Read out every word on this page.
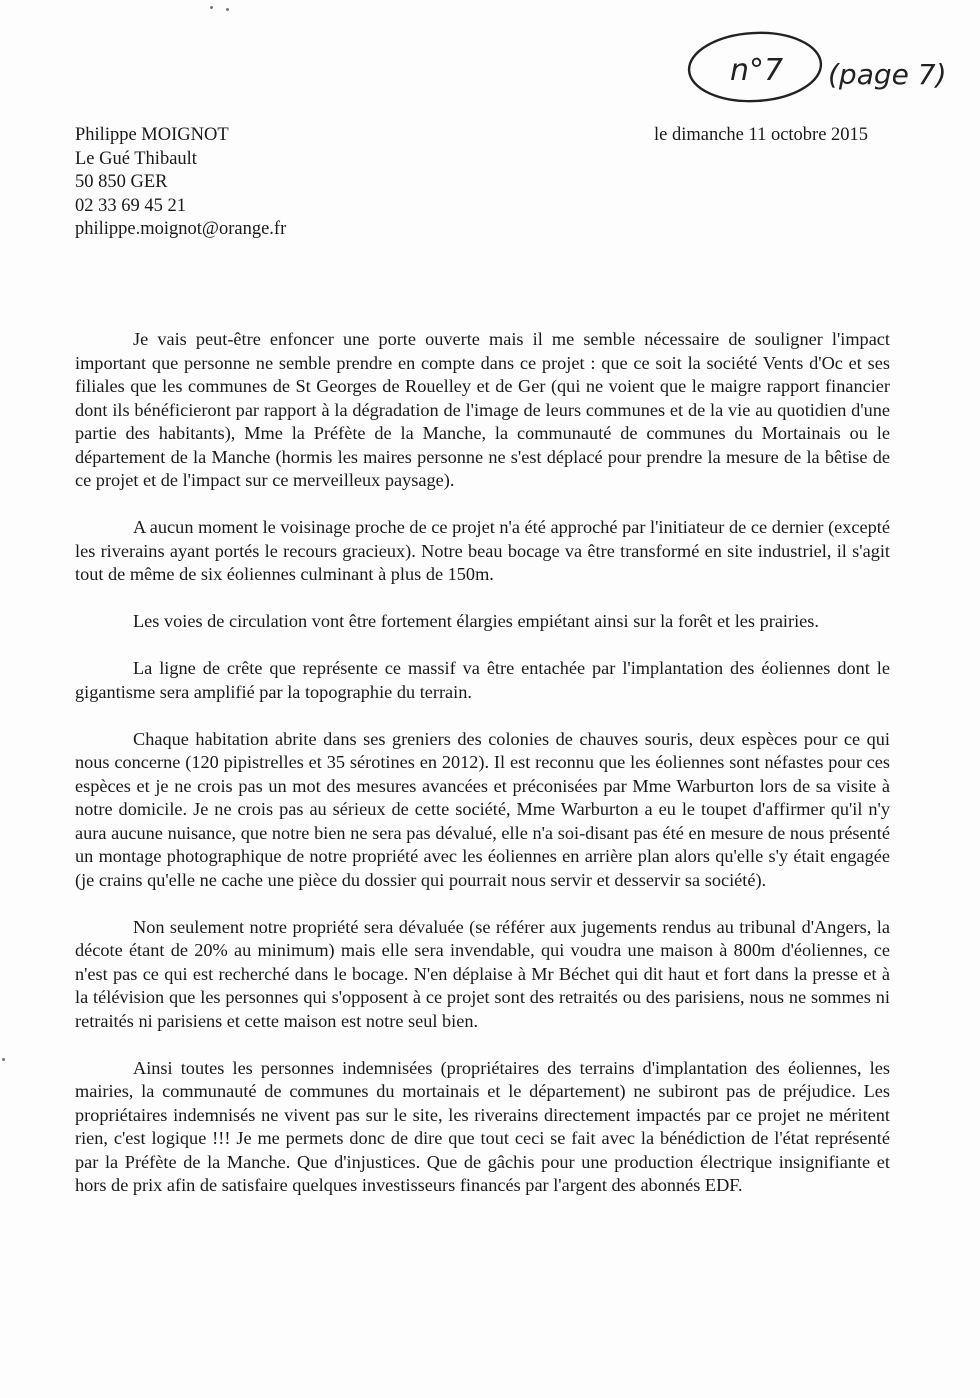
n°7 (page 7)
Philippe MOIGNOT
Le Gué Thibault
50 850 GER
02 33 69 45 21
philippe.moignot@orange.fr
le dimanche 11 octobre 2015

Je vais peut-être enfoncer une porte ouverte mais il me semble nécessaire de souligner l'impact important que personne ne semble prendre en compte dans ce projet : que ce soit la société Vents d'Oc et ses filiales que les communes de St Georges de Rouelley et de Ger (qui ne voient que le maigre rapport financier dont ils bénéficieront par rapport à la dégradation de l'image de leurs communes et de la vie au quotidien d'une partie des habitants), Mme la Préfète de la Manche, la communauté de communes du Mortainais ou le département de la Manche (hormis les maires personne ne s'est déplacé pour prendre la mesure de la bêtise de ce projet et de l'impact sur ce merveilleux paysage).

A aucun moment le voisinage proche de ce projet n'a été approché par l'initiateur de ce dernier (excepté les riverains ayant portés le recours gracieux). Notre beau bocage va être transformé en site industriel, il s'agit tout de même de six éoliennes culminant à plus de 150m.

Les voies de circulation vont être fortement élargies empiétant ainsi sur la forêt et les prairies.

La ligne de crête que représente ce massif va être entachée par l'implantation des éoliennes dont le gigantisme sera amplifié par la topographie du terrain.

Chaque habitation abrite dans ses greniers des colonies de chauves souris, deux espèces pour ce qui nous concerne (120 pipistrelles et 35 sérotines en 2012). Il est reconnu que les éoliennes sont néfastes pour ces espèces et je ne crois pas un mot des mesures avancées et préconisées par Mme Warburton lors de sa visite à notre domicile. Je ne crois pas au sérieux de cette société, Mme Warburton a eu le toupet d'affirmer qu'il n'y aura aucune nuisance, que notre bien ne sera pas dévalué, elle n'a soi-disant pas été en mesure de nous présenté un montage photographique de notre propriété avec les éoliennes en arrière plan alors qu'elle s'y était engagée (je crains qu'elle ne cache une pièce du dossier qui pourrait nous servir et desservir sa société).

Non seulement notre propriété sera dévaluée (se référer aux jugements rendus au tribunal d'Angers, la décote étant de 20% au minimum) mais elle sera invendable, qui voudra une maison à 800m d'éoliennes, ce n'est pas ce qui est recherché dans le bocage. N'en déplaise à Mr Béchet qui dit haut et fort dans la presse et à la télévision que les personnes qui s'opposent à ce projet sont des retraités ou des parisiens, nous ne sommes ni retraités ni parisiens et cette maison est notre seul bien.

Ainsi toutes les personnes indemnisées (propriétaires des terrains d'implantation des éoliennes, les mairies, la communauté de communes du mortainais et le département) ne subiront pas de préjudice. Les propriétaires indemnisés ne vivent pas sur le site, les riverains directement impactés par ce projet ne méritent rien, c'est logique !!! Je me permets donc de dire que tout ceci se fait avec la bénédiction de l'état représenté par la Préfète de la Manche. Que d'injustices. Que de gâchis pour une production électrique insignifiante et hors de prix afin de satisfaire quelques investisseurs financés par l'argent des abonnés EDF.
